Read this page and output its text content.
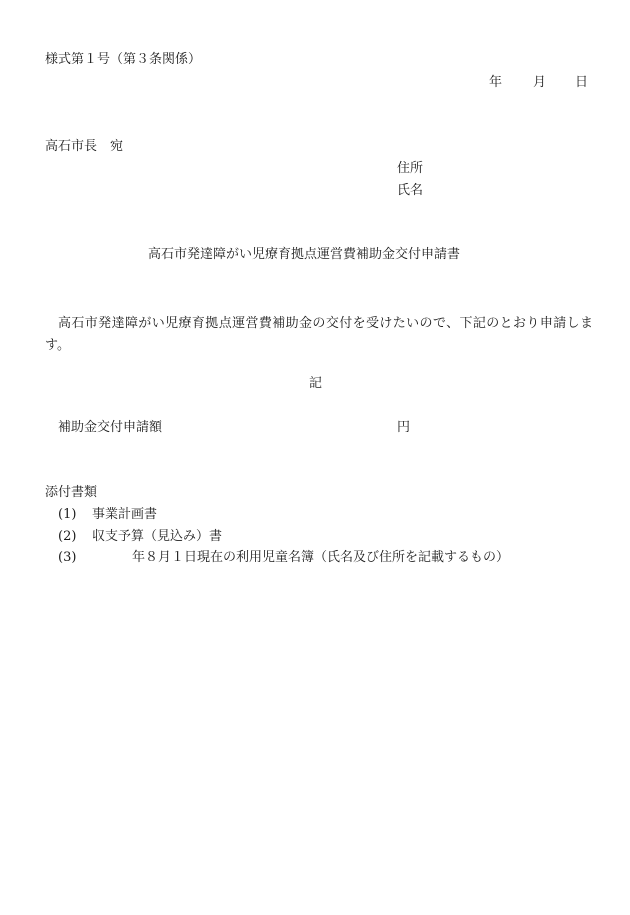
様式第１号（第３条関係）
年 月 日
高石市長　宛
住所
氏名
高石市発達障がい児療育拠点運営費補助金交付申請書

高石市発達障がい児療育拠点運営費補助金の交付を受けたいので、下記のとおり申請します。

記
補助金交付申請額	円
添付書類
(1) 事業計画書
(2) 収支予算（見込み）書
(3)	年８月１日現在の利用児童名簿（氏名及び住所を記載するもの）
